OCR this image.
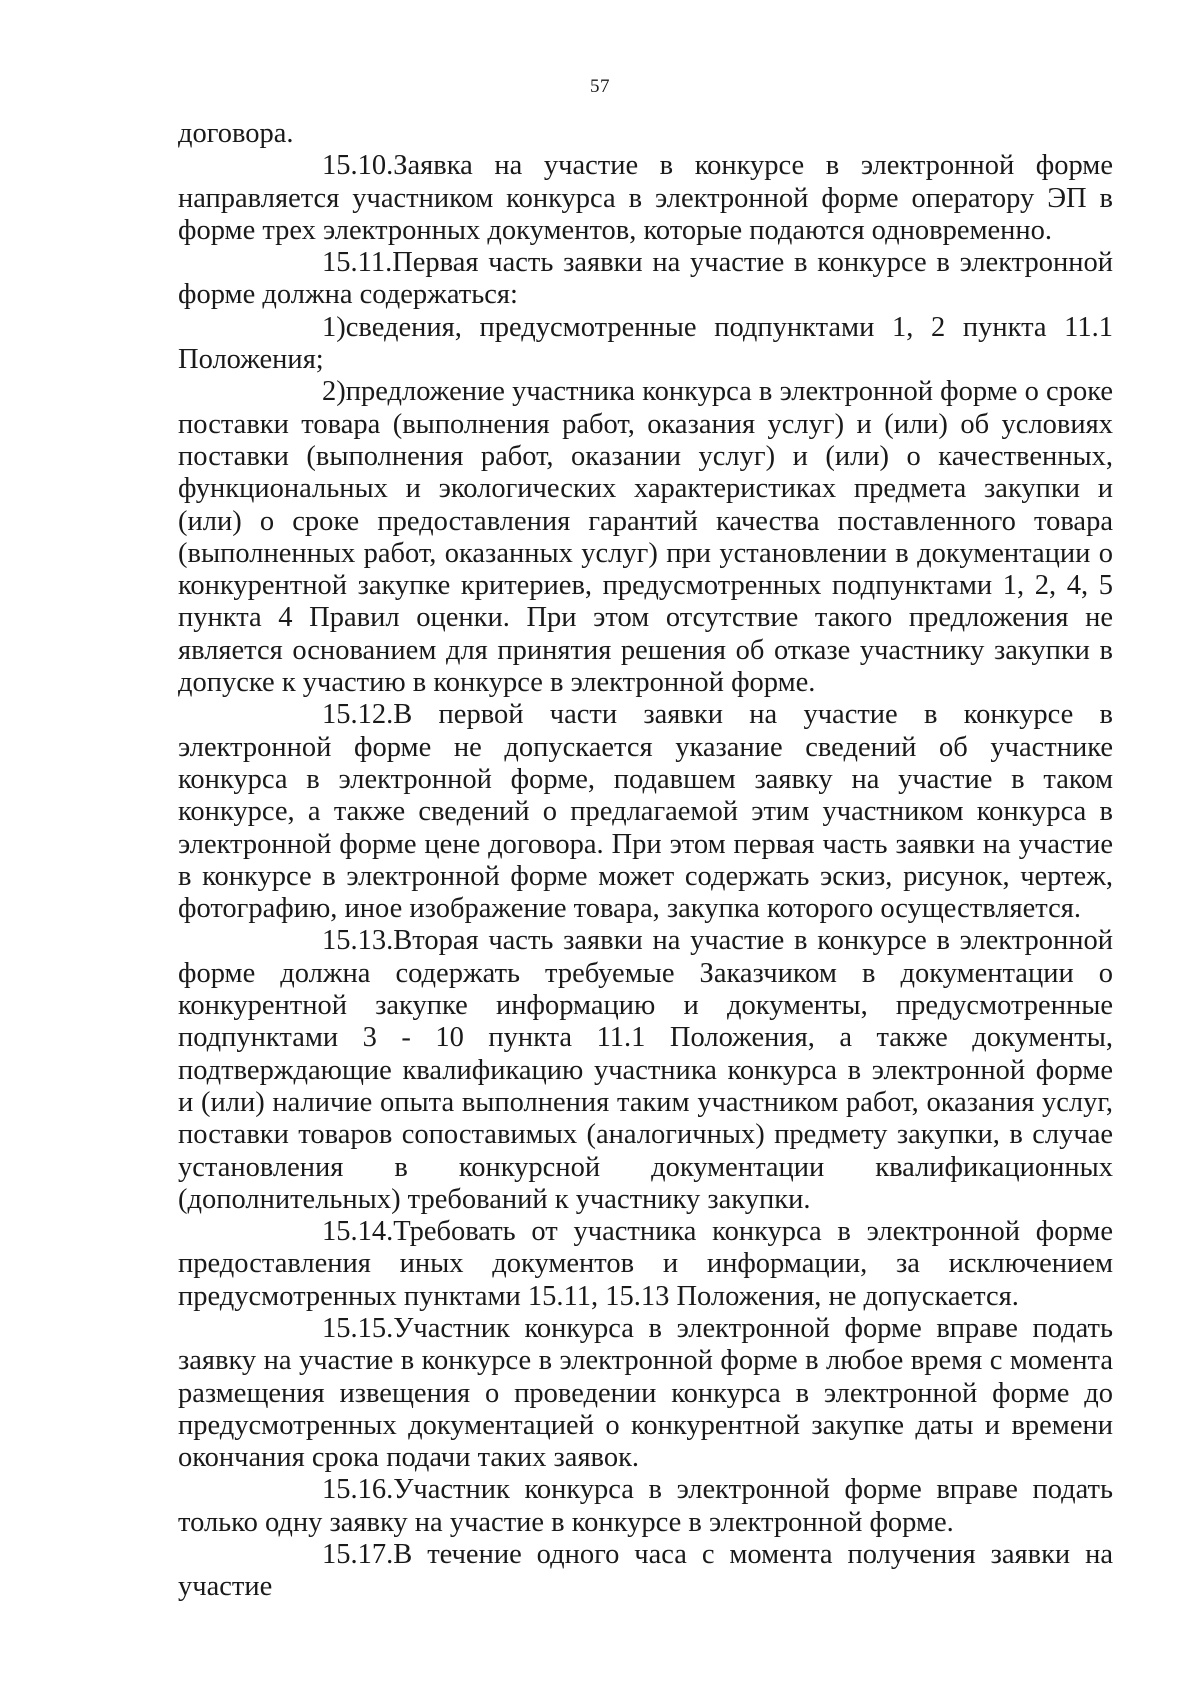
57

договора.

15.10.Заявка на участие в конкурсе в электронной форме направляется участником конкурса в электронной форме оператору ЭП в форме трех электронных документов, которые подаются одновременно.

15.11.Первая часть заявки на участие в конкурсе в электронной форме должна содержаться:

1)сведения, предусмотренные подпунктами 1, 2 пункта 11.1 Положения;

2)предложение участника конкурса в электронной форме о сроке поставки товара (выполнения работ, оказания услуг) и (или) об условиях поставки (выполнения работ, оказании услуг) и (или) о качественных, функциональных и экологических характеристиках предмета закупки и (или) о сроке предоставления гарантий качества поставленного товара (выполненных работ, оказанных услуг) при установлении в документации о конкурентной закупке критериев, предусмотренных подпунктами 1, 2, 4, 5 пункта 4 Правил оценки. При этом отсутствие такого предложения не является основанием для принятия решения об отказе участнику закупки в допуске к участию в конкурсе в электронной форме.

15.12.В первой части заявки на участие в конкурсе в электронной форме не допускается указание сведений об участнике конкурса в электронной форме, подавшем заявку на участие в таком конкурсе, а также сведений о предлагаемой этим участником конкурса в электронной форме цене договора. При этом первая часть заявки на участие в конкурсе в электронной форме может содержать эскиз, рисунок, чертеж, фотографию, иное изображение товара, закупка которого осуществляется.

15.13.Вторая часть заявки на участие в конкурсе в электронной форме должна содержать требуемые Заказчиком в документации о конкурентной закупке информацию и документы, предусмотренные подпунктами 3 - 10 пункта 11.1 Положения, а также документы, подтверждающие квалификацию участника конкурса в электронной форме и (или) наличие опыта выполнения таким участником работ, оказания услуг, поставки товаров сопоставимых (аналогичных) предмету закупки, в случае установления в конкурсной документации квалификационных (дополнительных) требований к участнику закупки.

15.14.Требовать от участника конкурса в электронной форме предоставления иных документов и информации, за исключением предусмотренных пунктами 15.11, 15.13 Положения, не допускается.

15.15.Участник конкурса в электронной форме вправе подать заявку на участие в конкурсе в электронной форме в любое время с момента размещения извещения о проведении конкурса в электронной форме до предусмотренных документацией о конкурентной закупке даты и времени окончания срока подачи таких заявок.

15.16.Участник конкурса в электронной форме вправе подать только одну заявку на участие в конкурсе в электронной форме.

15.17.В течение одного часа с момента получения заявки на участие
